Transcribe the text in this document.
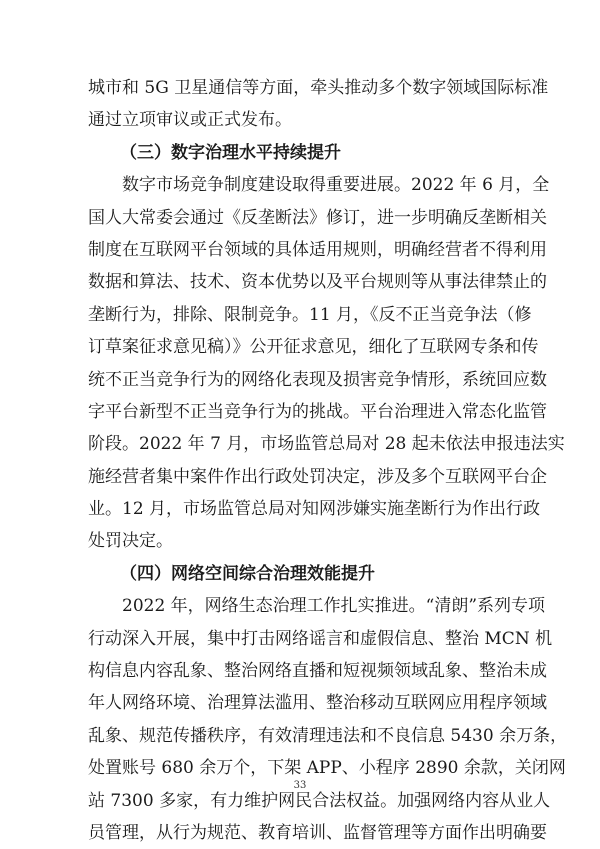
城市和 5G 卫星通信等方面，牵头推动多个数字领域国际标准
通过立项审议或正式发布。
（三）数字治理水平持续提升
　　数字市场竞争制度建设取得重要进展。2022 年 6 月，全
国人大常委会通过《反垄断法》修订，进一步明确反垄断相关
制度在互联网平台领域的具体适用规则，明确经营者不得利用
数据和算法、技术、资本优势以及平台规则等从事法律禁止的
垄断行为，排除、限制竞争。11 月，《反不正当竞争法（修
订草案征求意见稿）》公开征求意见，细化了互联网专条和传
统不正当竞争行为的网络化表现及损害竞争情形，系统回应数
字平台新型不正当竞争行为的挑战。平台治理进入常态化监管
阶段。2022 年 7 月，市场监管总局对 28 起未依法申报违法实
施经营者集中案件作出行政处罚决定，涉及多个互联网平台企
业。12 月，市场监管总局对知网涉嫌实施垄断行为作出行政
处罚决定。
（四）网络空间综合治理效能提升
　　2022 年，网络生态治理工作扎实推进。“清朗”系列专项
行动深入开展，集中打击网络谣言和虚假信息、整治 MCN 机
构信息内容乱象、整治网络直播和短视频领域乱象、整治未成
年人网络环境、治理算法滥用、整治移动互联网应用程序领域
乱象、规范传播秩序，有效清理违法和不良信息 5430 余万条，
处置账号 680 余万个，下架 APP、小程序 2890 余款，关闭网
站 7300 多家，有力维护网民合法权益。加强网络内容从业人
员管理，从行为规范、教育培训、监督管理等方面作出明确要
33
